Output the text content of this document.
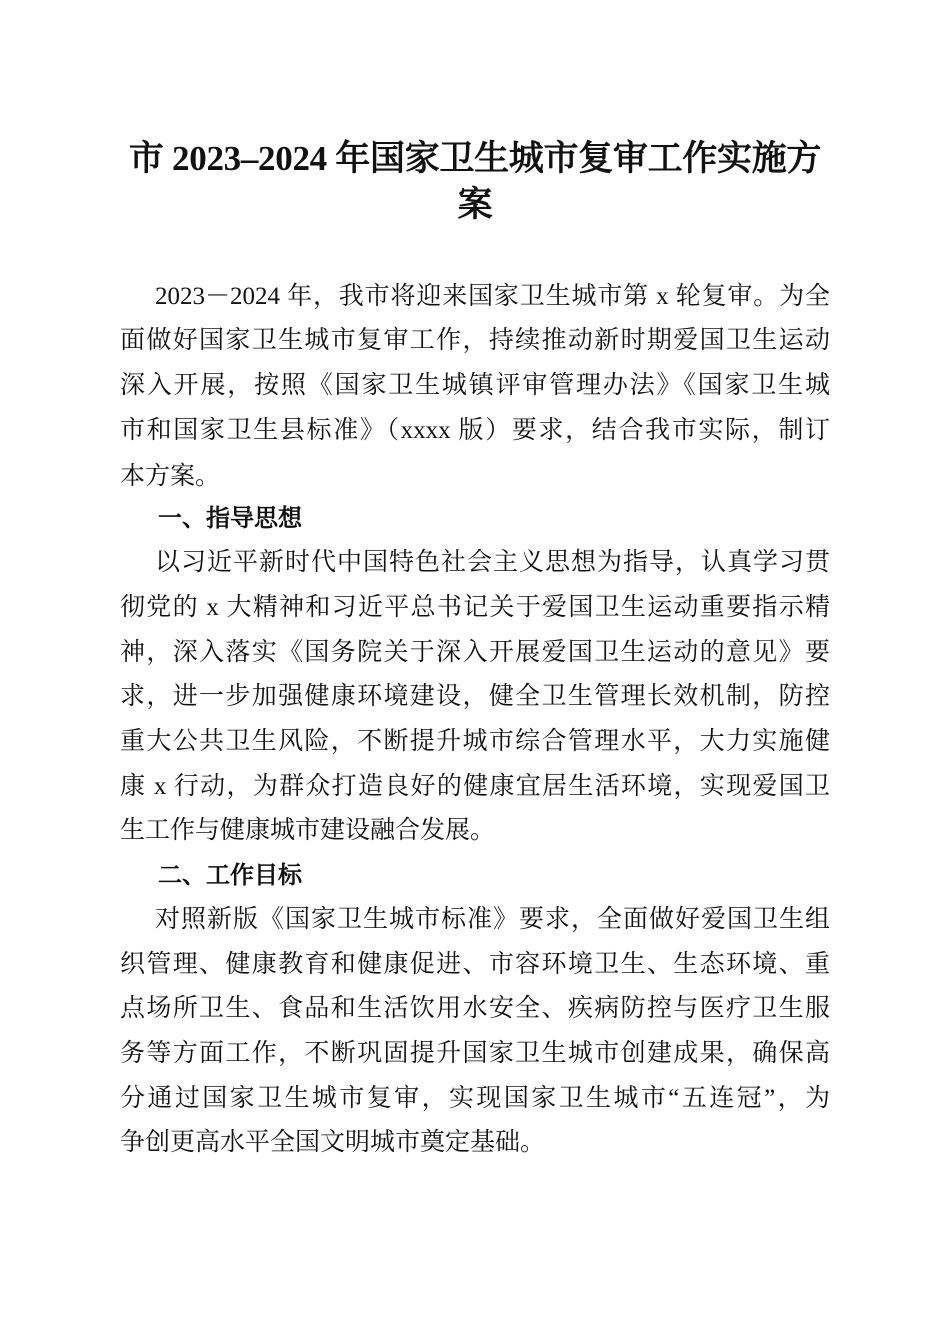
市 2023–2024 年国家卫生城市复审工作实施方案
2023－2024 年，我市将迎来国家卫生城市第 x 轮复审。为全
面做好国家卫生城市复审工作，持续推动新时期爱国卫生运动
深入开展，按照《国家卫生城镇评审管理办法》《国家卫生城
市和国家卫生县标准》（xxxx 版）要求，结合我市实际，制订
本方案。
一、指导思想
以习近平新时代中国特色社会主义思想为指导，认真学习贯
彻党的 x 大精神和习近平总书记关于爱国卫生运动重要指示精
神，深入落实《国务院关于深入开展爱国卫生运动的意见》要
求，进一步加强健康环境建设，健全卫生管理长效机制，防控
重大公共卫生风险，不断提升城市综合管理水平，大力实施健
康 x 行动，为群众打造良好的健康宜居生活环境，实现爱国卫
生工作与健康城市建设融合发展。
二、工作目标
对照新版《国家卫生城市标准》要求，全面做好爱国卫生组
织管理、健康教育和健康促进、市容环境卫生、生态环境、重
点场所卫生、食品和生活饮用水安全、疾病防控与医疗卫生服
务等方面工作，不断巩固提升国家卫生城市创建成果，确保高
分通过国家卫生城市复审，实现国家卫生城市“五连冠”，为
争创更高水平全国文明城市奠定基础。
